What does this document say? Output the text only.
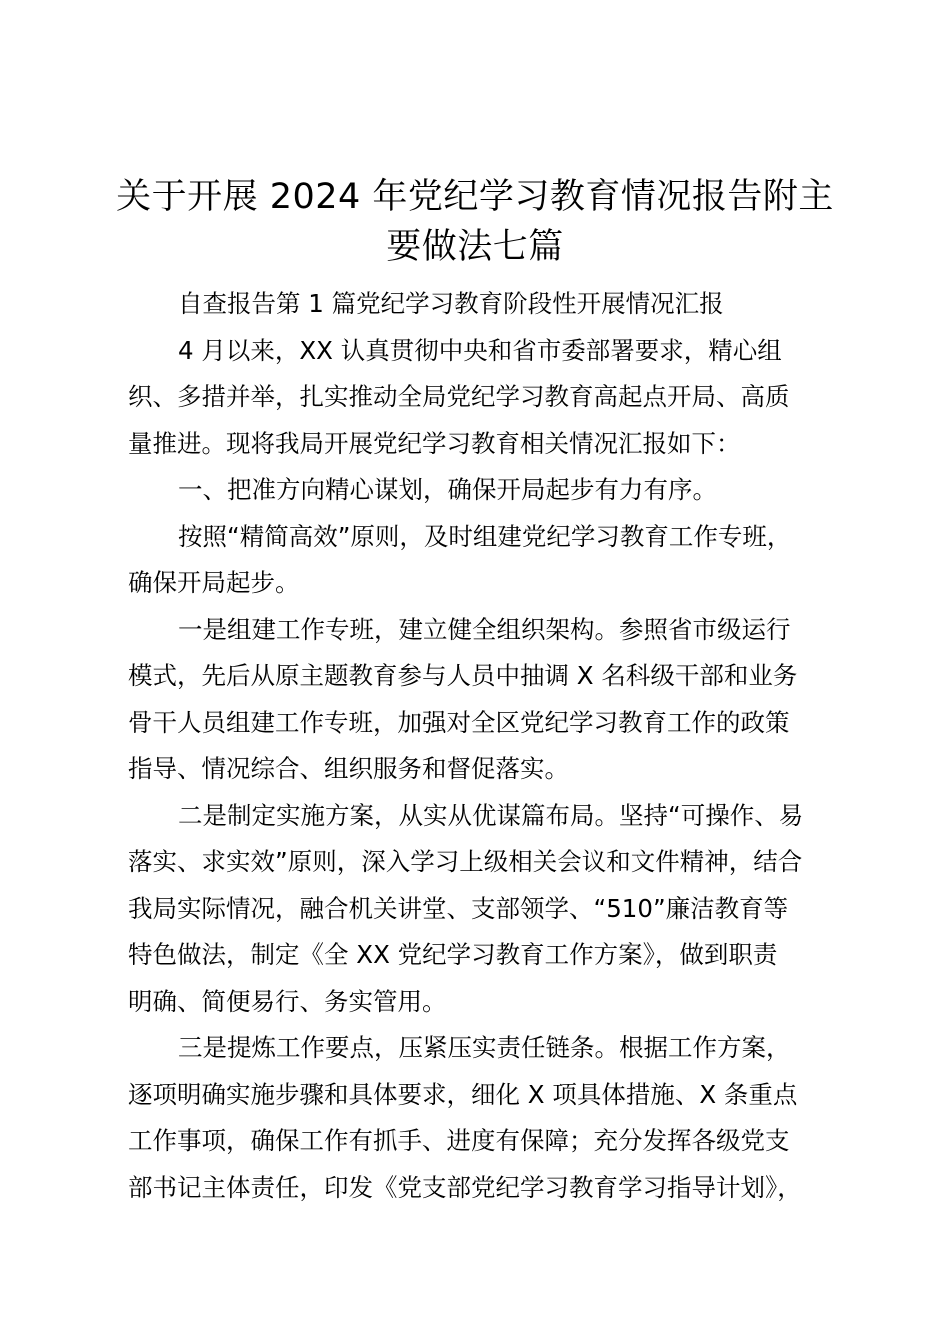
关于开展 2024 年党纪学习教育情况报告附主
要做法七篇
自查报告第 1 篇党纪学习教育阶段性开展情况汇报
4 月以来，XX 认真贯彻中央和省市委部署要求，精心组
织、多措并举，扎实推动全局党纪学习教育高起点开局、高质
量推进。现将我局开展党纪学习教育相关情况汇报如下：
一、把准方向精心谋划，确保开局起步有力有序。
按照“精简高效”原则，及时组建党纪学习教育工作专班，
确保开局起步。
一是组建工作专班，建立健全组织架构。参照省市级运行
模式，先后从原主题教育参与人员中抽调 X 名科级干部和业务
骨干人员组建工作专班，加强对全区党纪学习教育工作的政策
指导、情况综合、组织服务和督促落实。
二是制定实施方案，从实从优谋篇布局。坚持“可操作、易
落实、求实效”原则，深入学习上级相关会议和文件精神，结合
我局实际情况，融合机关讲堂、支部领学、“510”廉洁教育等
特色做法，制定《全 XX 党纪学习教育工作方案》，做到职责
明确、简便易行、务实管用。
三是提炼工作要点，压紧压实责任链条。根据工作方案，
逐项明确实施步骤和具体要求，细化 X 项具体措施、X 条重点
工作事项，确保工作有抓手、进度有保障；充分发挥各级党支
部书记主体责任，印发《党支部党纪学习教育学习指导计划》，
